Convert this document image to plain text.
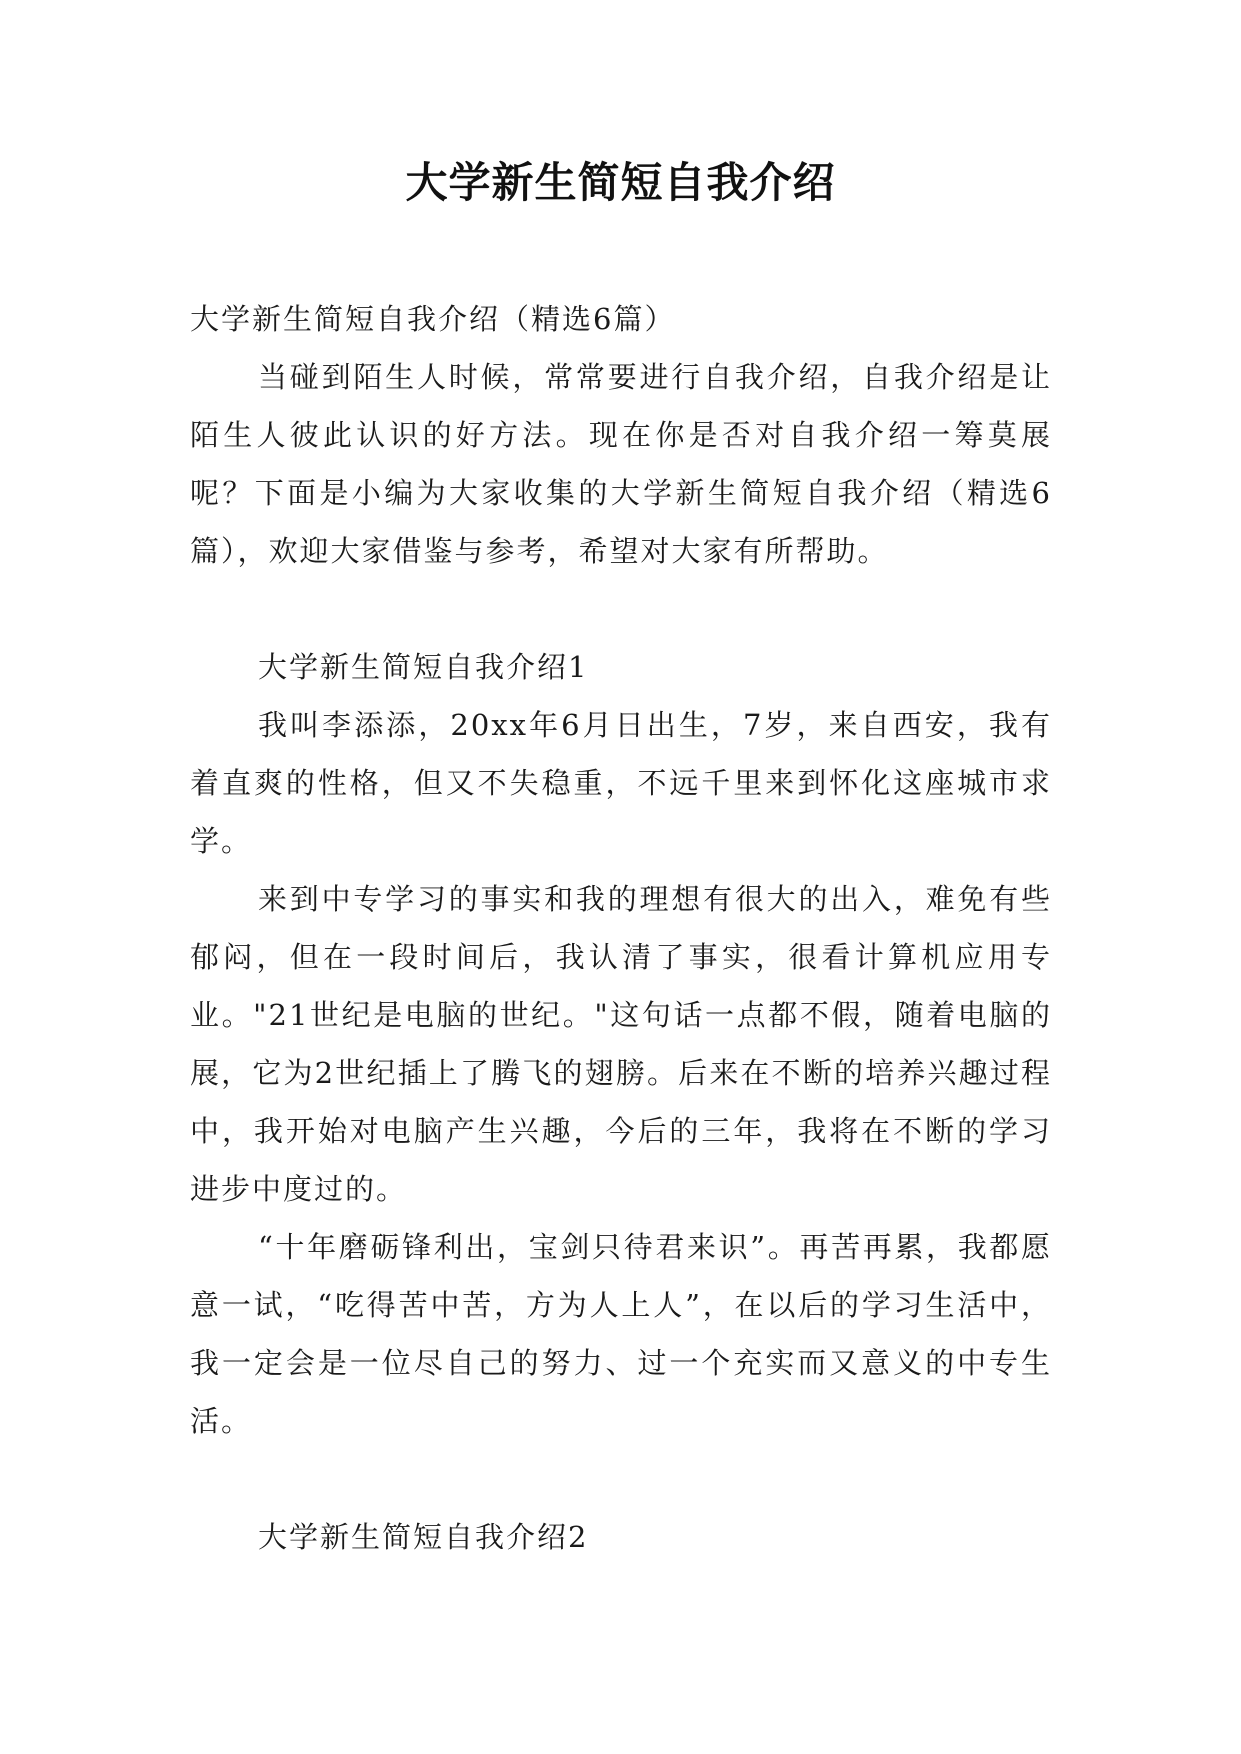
大学新生简短自我介绍

大学新生简短自我介绍（精选6篇）

当碰到陌生人时候，常常要进行自我介绍，自我介绍是让陌生人彼此认识的好方法。现在你是否对自我介绍一筹莫展呢？下面是小编为大家收集的大学新生简短自我介绍（精选6篇），欢迎大家借鉴与参考，希望对大家有所帮助。

大学新生简短自我介绍1

我叫李添添，20xx年6月日出生，7岁，来自西安，我有着直爽的性格，但又不失稳重，不远千里来到怀化这座城市求学。

来到中专学习的事实和我的理想有很大的出入，难免有些郁闷，但在一段时间后，我认清了事实，很看计算机应用专业。"21世纪是电脑的世纪。"这句话一点都不假，随着电脑的展，它为2世纪插上了腾飞的翅膀。后来在不断的培养兴趣过程中，我开始对电脑产生兴趣，今后的三年，我将在不断的学习进步中度过的。

“十年磨砺锋利出，宝剑只待君来识”。再苦再累，我都愿意一试，“吃得苦中苦，方为人上人”，在以后的学习生活中，我一定会是一位尽自己的努力、过一个充实而又意义的中专生活。

大学新生简短自我介绍2
